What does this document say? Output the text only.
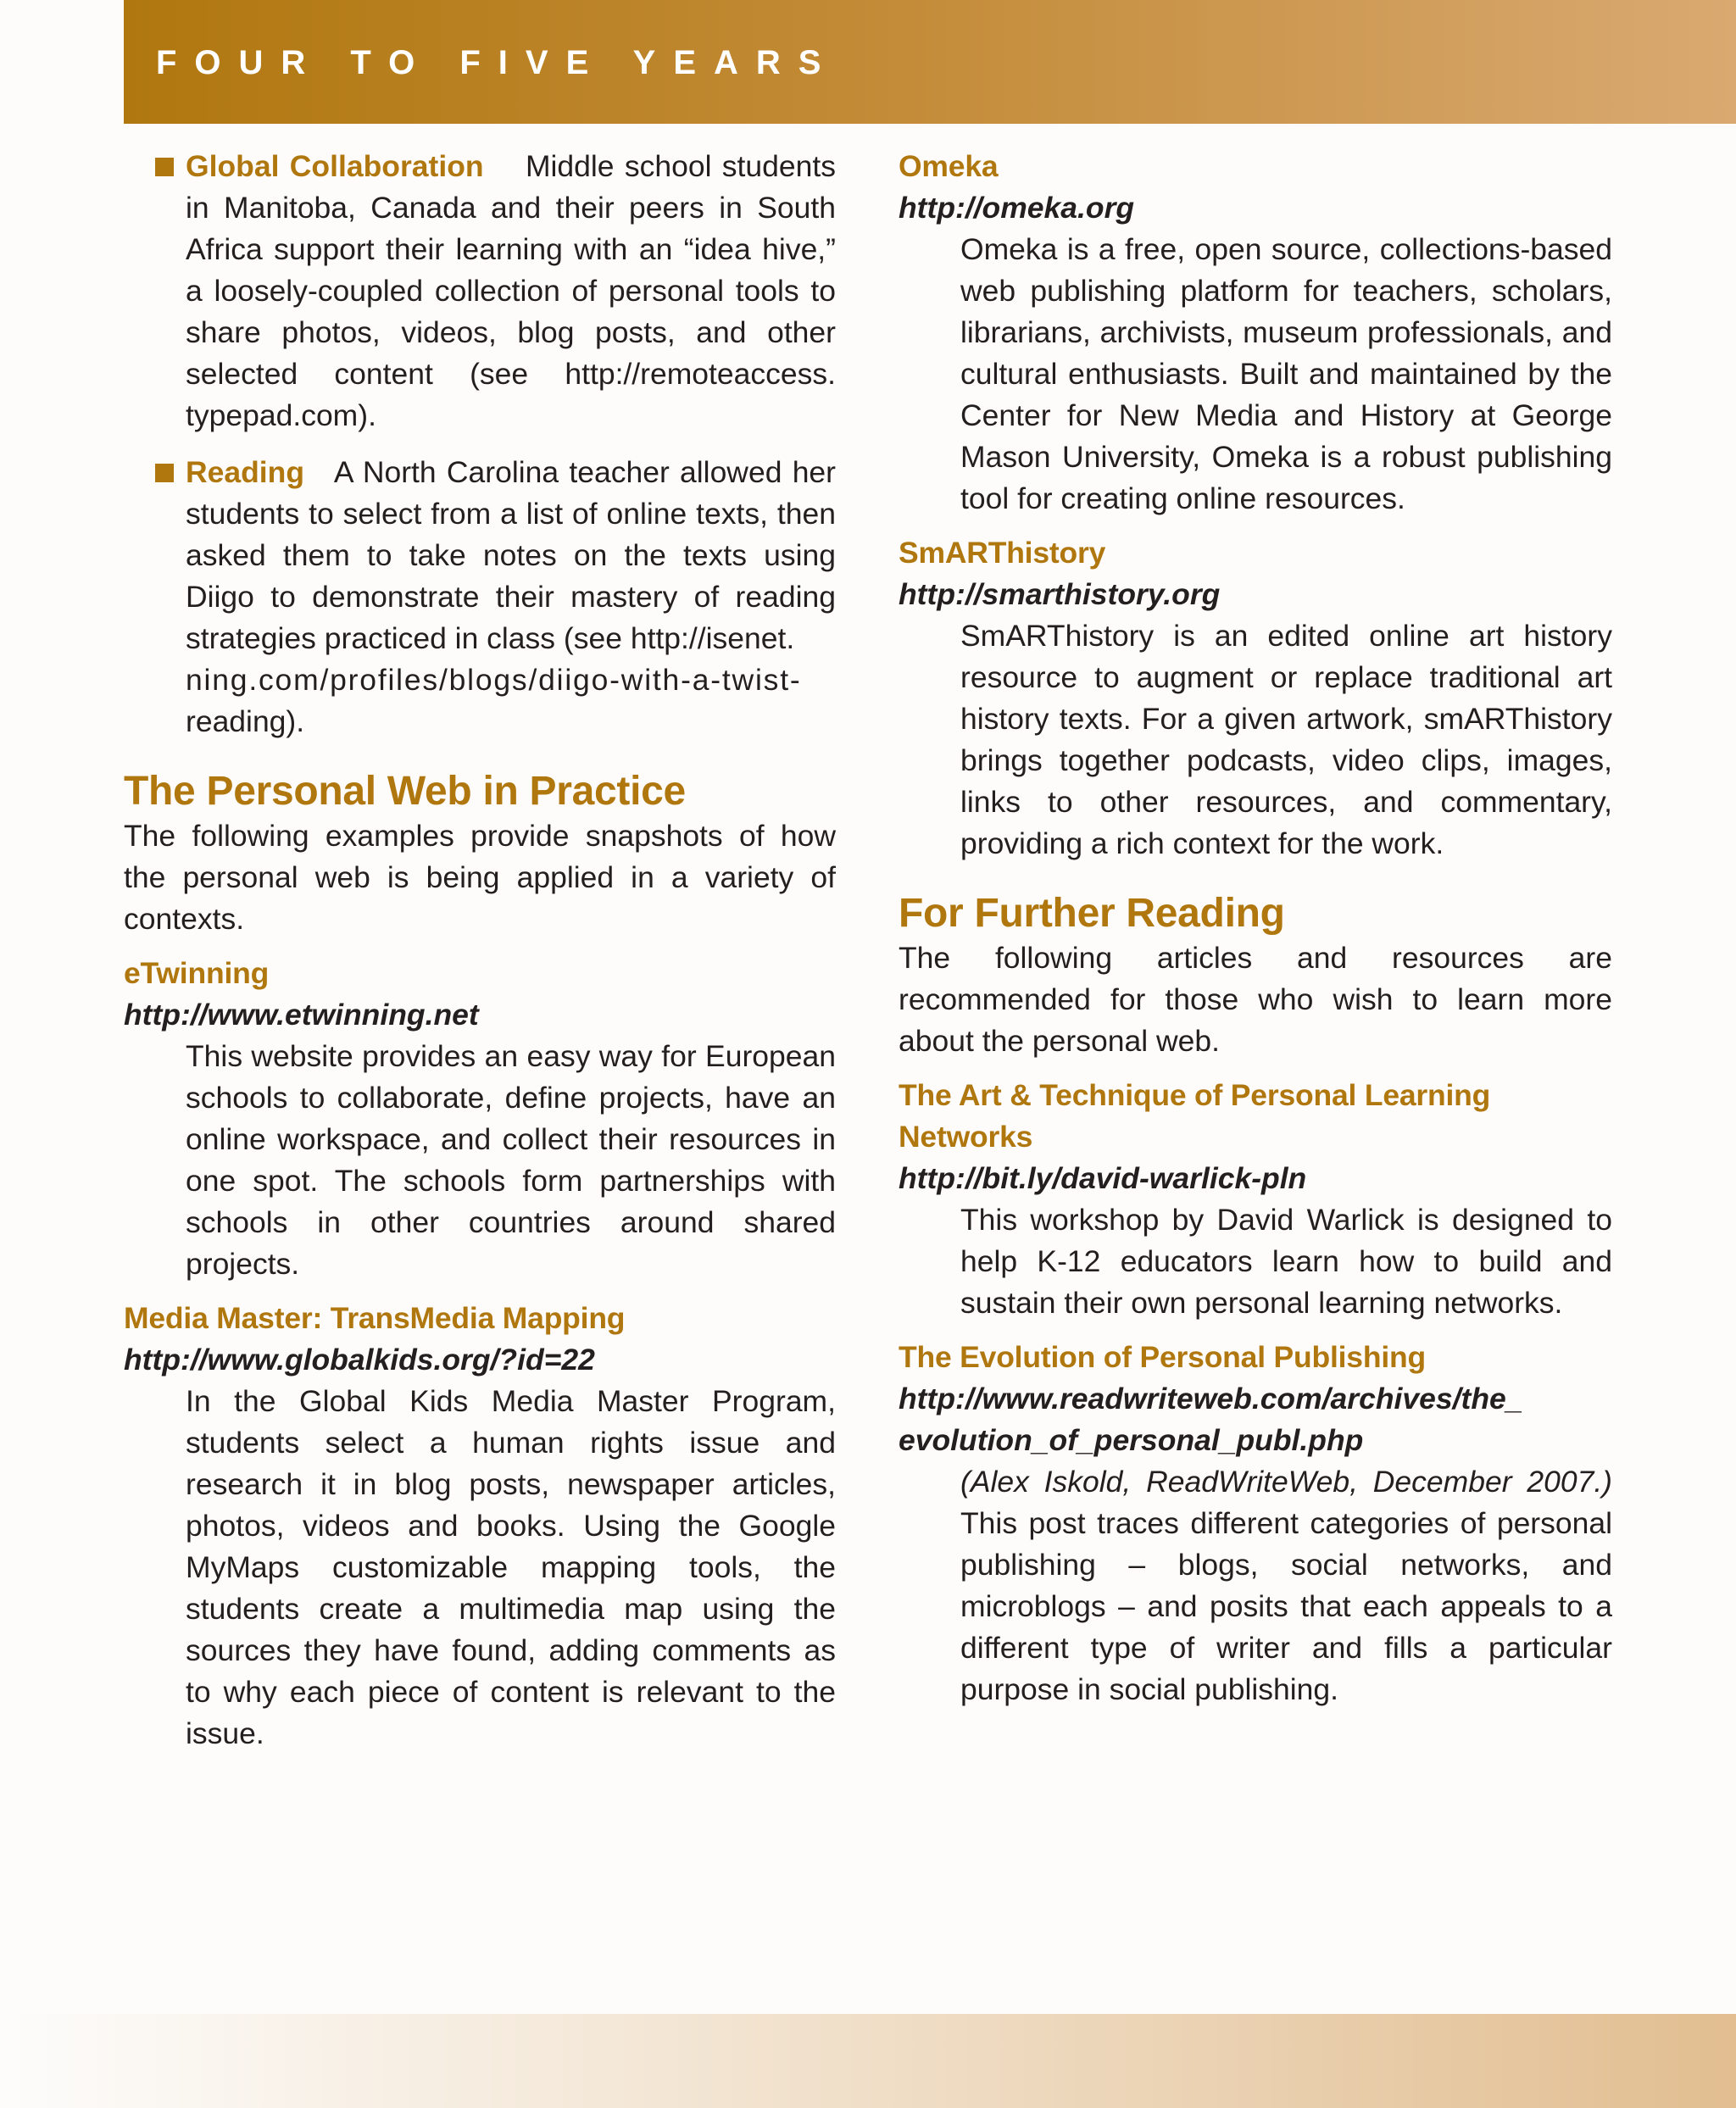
FOUR TO FIVE YEARS
Global Collaboration Middle school students in Manitoba, Canada and their peers in South Africa support their learning with an “idea hive,” a loosely-coupled collection of personal tools to share photos, videos, blog posts, and other selected content (see http://remoteaccess. typepad.com).
Reading A North Carolina teacher allowed her students to select from a list of online texts, then asked them to take notes on the texts using Diigo to demonstrate their mastery of reading strategies practiced in class (see http://isenet.
ning.com/profiles/blogs/diigo-with-a-twist-
reading).
The Personal Web in Practice

The following examples provide snapshots of how the personal web is being applied in a variety of contexts.

eTwinning
http://www.etwinning.net
This website provides an easy way for European schools to collaborate, define projects, have an online workspace, and collect their resources in one spot. The schools form partnerships with schools in other countries around shared projects.
Media Master: TransMedia Mapping
http://www.globalkids.org/?id=22
In the Global Kids Media Master Program, students select a human rights issue and research it in blog posts, newspaper articles, photos, videos and books. Using the Google MyMaps customizable mapping tools, the students create a multimedia map using the sources they have found, adding comments as to why each piece of content is relevant to the issue.
Omeka
http://omeka.org
Omeka is a free, open source, collections-based web publishing platform for teachers, scholars, librarians, archivists, museum professionals, and cultural enthusiasts. Built and maintained by the Center for New Media and History at George Mason University, Omeka is a robust publishing tool for creating online resources.
SmARThistory
http://smarthistory.org
SmARThistory is an edited online art history resource to augment or replace traditional art history texts. For a given artwork, smARThistory brings together podcasts, video clips, images, links to other resources, and commentary, providing a rich context for the work.
For Further Reading

The following articles and resources are recommended for those who wish to learn more about the personal web.

The Art & Technique of Personal Learning
Networks
http://bit.ly/david-warlick-pln
This workshop by David Warlick is designed to help K-12 educators learn how to build and sustain their own personal learning networks.
The Evolution of Personal Publishing
http://www.readwriteweb.com/archives/the_
evolution_of_personal_publ.php
(Alex Iskold, ReadWriteWeb, December 2007.) This post traces different categories of personal publishing – blogs, social networks, and microblogs – and posits that each appeals to a different type of writer and fills a particular purpose in social publishing.
